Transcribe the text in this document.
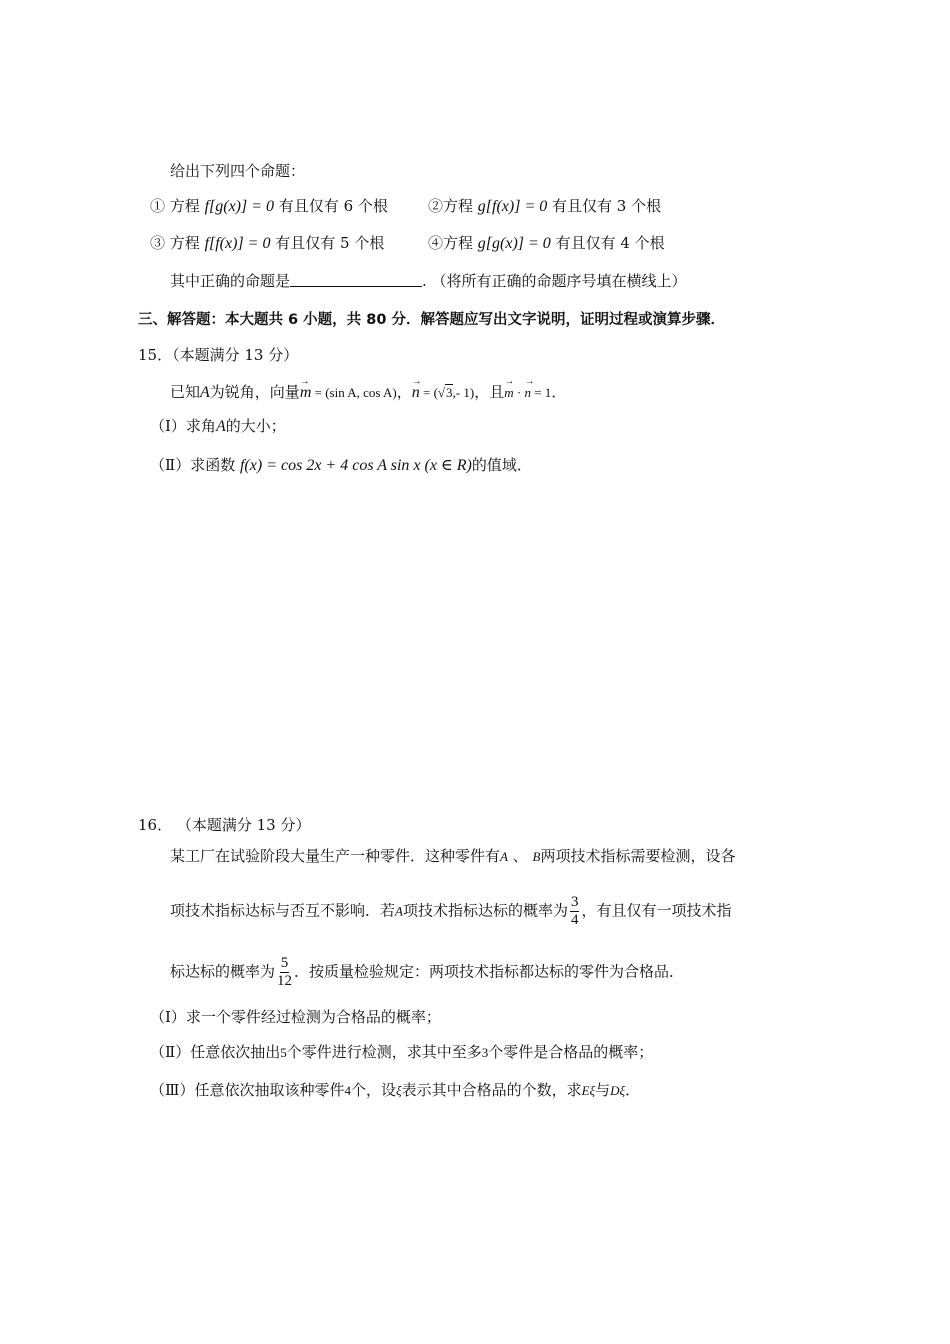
给出下列四个命题：
① 方程 f[g(x)] = 0 有且仅有 6 个根	②方程 g[f(x)] = 0 有且仅有 3 个根
③ 方程 f[f(x)] = 0 有且仅有 5 个根	④方程 g[g(x)] = 0 有且仅有 4 个根
其中正确的命题是	. （将所有正确的命题序号填在横线上）
三、解答题：本大题共 6 小题，共 80 分．解答题应写出文字说明，证明过程或演算步骤．
15．（本题满分 13 分）
已知A为锐角，向量→ m = (sin A, cos A)，→ n = (√3,- 1)，且→ m · → n = 1．
（Ⅰ）求角A的大小；
（Ⅱ）求函数 f(x) = cos 2x + 4 cos A sin x (x ∈ R)的值域．
16． （本题满分 13 分）
某工厂在试验阶段大量生产一种零件．这种零件有A 、 B两项技术指标需要检测，设各
项技术指标达标与否互不影响．若A项技术指标达标的概率为 $\frac{3}{4}$ ，有且仅有一项技术指
标达标的概率为 $\frac{5}{12}$ ．按质量检验规定：两项技术指标都达标的零件为合格品．
（Ⅰ）求一个零件经过检测为合格品的概率；
（Ⅱ）任意依次抽出5个零件进行检测，求其中至多3个零件是合格品的概率；
（Ⅲ）任意依次抽取该种零件4个，设ξ表示其中合格品的个数，求Eξ与Dξ．
